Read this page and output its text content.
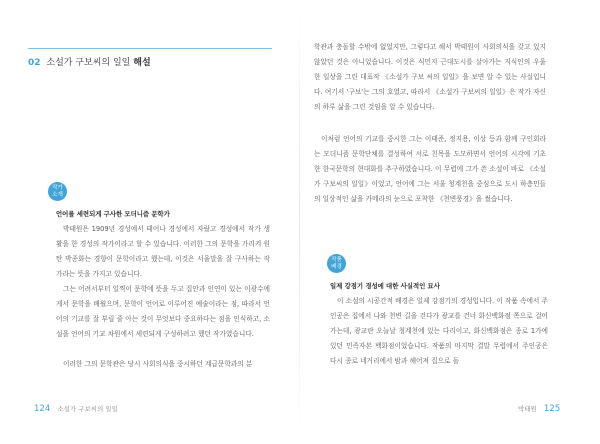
02 소설가 구보씨의 일일 해설
작가
소개
언어를 세련되게 구사한 모더니즘 문학가

박태원은 1909년 경성에서 태어나 경성에서 자랐고 경성에서 작가 생활을 한 경성의 작가이라고 할 수 있습니다. 이러한 그의 문학을 가리켜 원탄 박종화는 경향이 문학이라고 했는데, 이것은 서울말을 잘 구사하는 작가라는 뜻을 가지고 있습니다.

그는 어려서부터 일찍이 문학에 뜻을 두고 집안과 인연이 있는 이광수에게서 문학을 배웠으며, 문학이 언어로 이루어진 예술이라는 점, 따라서 언어의 기교를 잘 부릴 줄 아는 것이 무엇보다 중요하다는 점을 인식하고, 소설을 언어의 기교 차원에서 세련되게 구성하려고 했던 작가였습니다.

이러한 그의 문학관은 당시 사회의식을 중시하던 계급문학과의 분

124 소설가 구보씨의 일일

학관과 충돌할 수밖에 없었지만, 그렇다고 해서 박태원이 사회의식을 갖고 있지 않았던 것은 아니었습니다. 이것은 식민지 근대도시를 살아가는 지식인의 우울한 일상을 그린 대표작 《소설가 구보 씨의 일일》을 보면 알 수 있는 사실입니다. 여기서 '구보'는 그의 호였고, 따라서 《소설가 구보씨의 일일》은 작가 자신의 하루 삶을 그린 것임을 알 수 있습니다.

이처럼 언어의 기교를 중시한 그는 이태준, 정지용, 이상 등과 함께 구인회라는 모더니즘 문학단체를 결성하여 서로 친목을 도모하면서 언어의 시각에 기초한 한국문학의 현대화를 추구하였습니다. 이 무렵에 그가 쓴 소설이 바로 《소설가 구보씨의 일일》이었고, 언어에 그는 서울 청계천을 중심으로 도시 하층민들의 일상적인 삶을 카메라의 눈으로 포착한 《천변풍경》을 썼습니다.

작품
배경
일제 강점기 경성에 대한 사실적인 묘사

이 소설의 시공간적 배경은 일제 강점기의 경성입니다. 이 작품 속에서 주인공은 집에서 나와 천변 길을 걷다가 광교를 건너 화신백화점 쪽으로 걸어가는데, 광교란 오늘날 청계천에 있는 다리이고, 화신백화점은 종로 1가에 있던 민족자본 백화점이었습니다. 작품의 마지막 결말 무렵에서 주인공은 다시 종로 네거리에서 밤과 헤어져 집으로 돌

박태원 125
